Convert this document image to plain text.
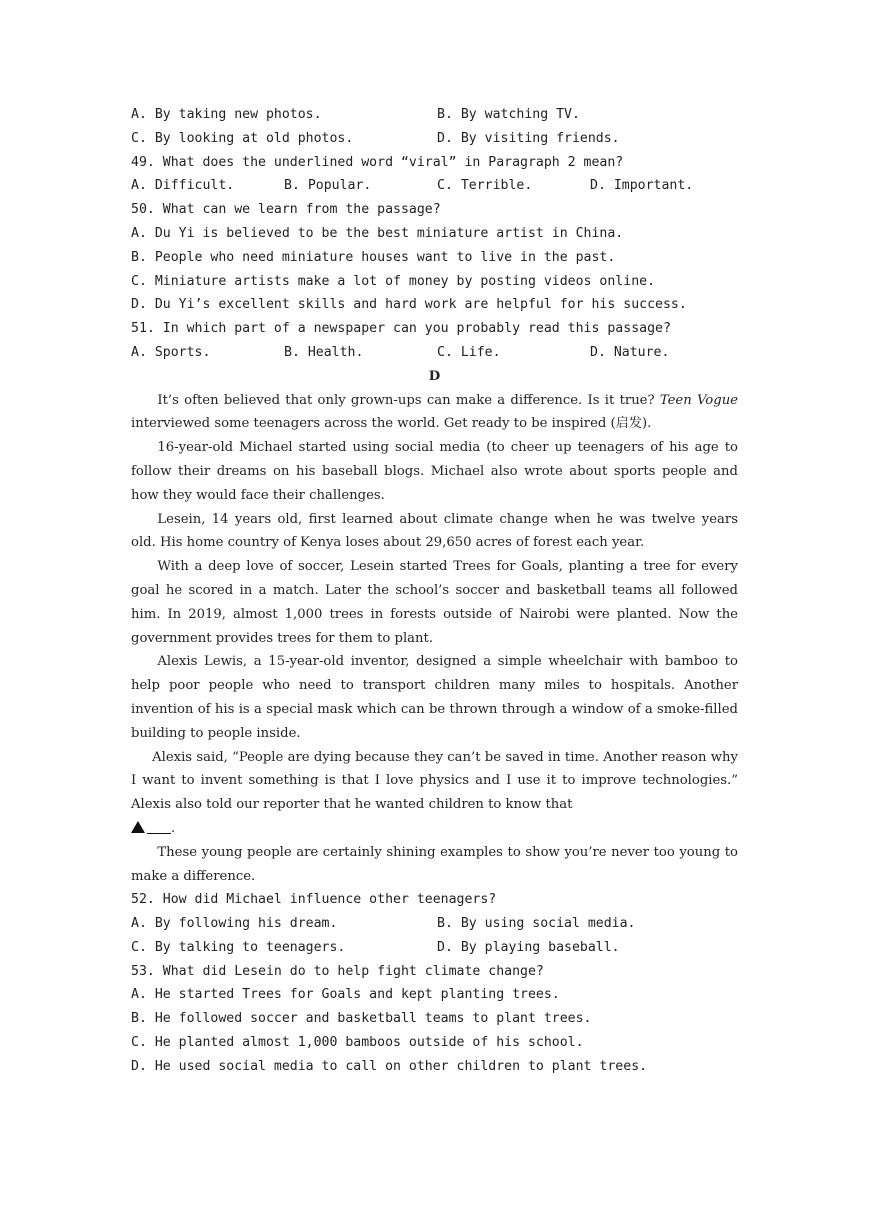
A. By taking new photos.	B. By watching TV.
C. By looking at old photos.	D. By visiting friends.
49. What does the underlined word “viral” in Paragraph 2 mean?
A. Difficult.	B. Popular.	C. Terrible.	D. Important.
50. What can we learn from the passage?
A. Du Yi is believed to be the best miniature artist in China.
B. People who need miniature houses want to live in the past.
C. Miniature artists make a lot of money by posting videos online.
D. Du Yi’s excellent skills and hard work are helpful for his success.
51. In which part of a newspaper can you probably read this passage?
A. Sports.	B. Health.	C. Life.	D. Nature.
D

It’s often believed that only grown-ups can make a difference. Is it true? Teen Vogue interviewed some teenagers across the world. Get ready to be inspired (启发).

16-year-old Michael started using social media (to cheer up teenagers of his age to follow their dreams on his baseball blogs. Michael also wrote about sports people and how they would face their challenges.

Lesein, 14 years old, first learned about climate change when he was twelve years old. His home country of Kenya loses about 29,650 acres of forest each year.

With a deep love of soccer, Lesein started Trees for Goals, planting a tree for every goal he scored in a match. Later the school’s soccer and basketball teams all followed him. In 2019, almost 1,000 trees in forests outside of Nairobi were planted. Now the government provides trees for them to plant.

Alexis Lewis, a 15-year-old inventor, designed a simple wheelchair with bamboo to help poor people who need to transport children many miles to hospitals. Another invention of his is a special mask which can be thrown through a window of a smoke-filled building to people inside.

Alexis said, “People are dying because they can’t be saved in time. Another reason why I want to invent something is that I love physics and I use it to improve technologies.” Alexis also told our reporter that he wanted children to know that

.

These young people are certainly shining examples to show you’re never too young to make a difference.

52. How did Michael influence other teenagers?
A. By following his dream.	B. By using social media.
C. By talking to teenagers.	D. By playing baseball.
53. What did Lesein do to help fight climate change?
A. He started Trees for Goals and kept planting trees.
B. He followed soccer and basketball teams to plant trees.
C. He planted almost 1,000 bamboos outside of his school.
D. He used social media to call on other children to plant trees.
